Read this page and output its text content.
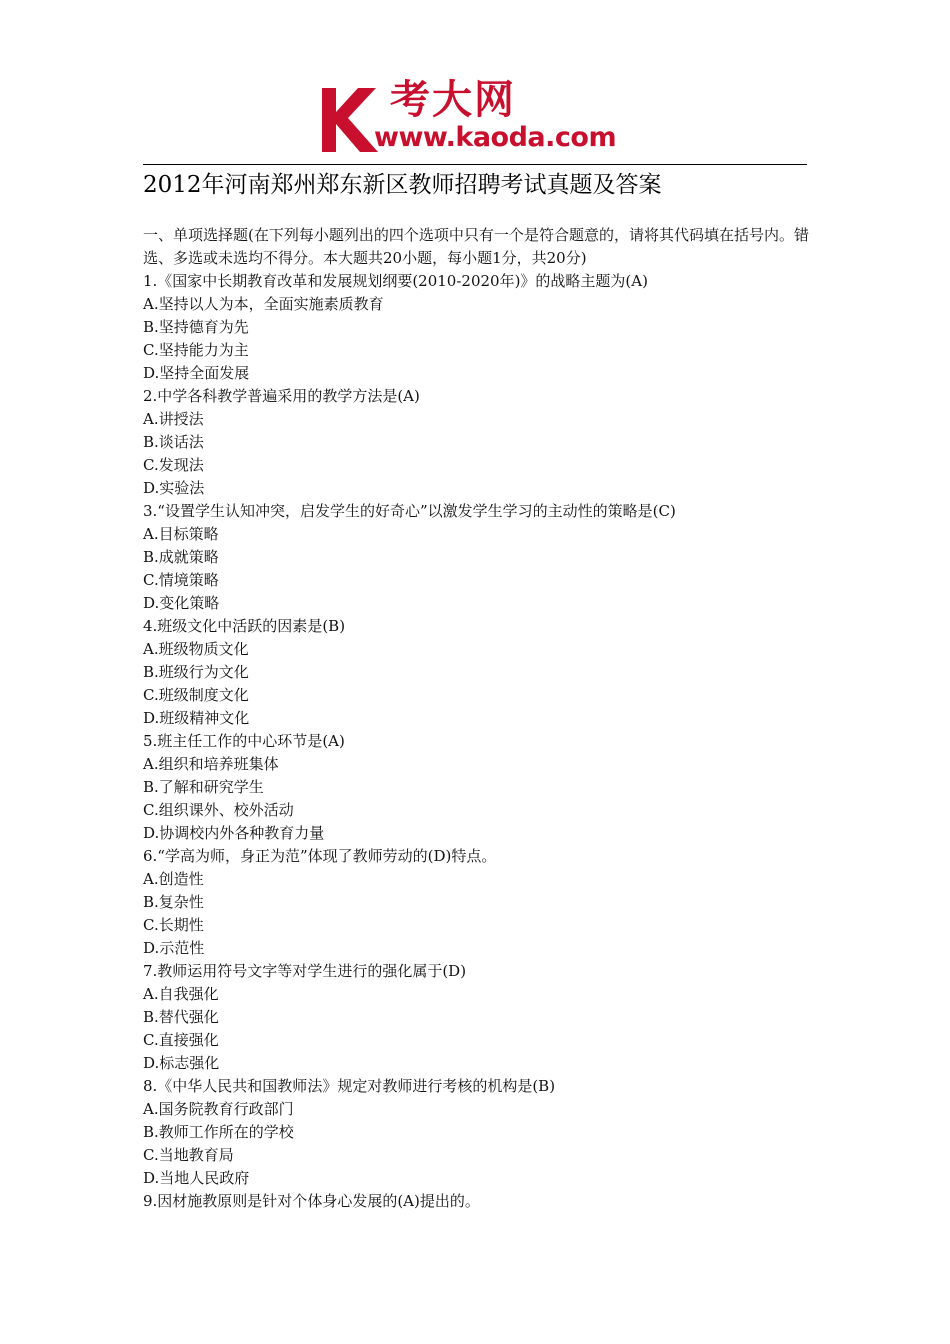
考大网
www.kaoda.com
2012年河南郑州郑东新区教师招聘考试真题及答案

一、单项选择题(在下列每小题列出的四个选项中只有一个是符合题意的，请将其代码填在括号内。错选、多选或未选均不得分。本大题共20小题，每小题1分，共20分)

1.《国家中长期教育改革和发展规划纲要(2010-2020年)》的战略主题为(A)
A.坚持以人为本，全面实施素质教育
B.坚持德育为先
C.坚持能力为主
D.坚持全面发展
2.中学各科教学普遍采用的教学方法是(A)
A.讲授法
B.谈话法
C.发现法
D.实验法
3.“设置学生认知冲突，启发学生的好奇心”以激发学生学习的主动性的策略是(C)
A.目标策略
B.成就策略
C.情境策略
D.变化策略
4.班级文化中活跃的因素是(B)
A.班级物质文化
B.班级行为文化
C.班级制度文化
D.班级精神文化
5.班主任工作的中心环节是(A)
A.组织和培养班集体
B.了解和研究学生
C.组织课外、校外活动
D.协调校内外各种教育力量
6.“学高为师，身正为范”体现了教师劳动的(D)特点。
A.创造性
B.复杂性
C.长期性
D.示范性
7.教师运用符号文字等对学生进行的强化属于(D)
A.自我强化
B.替代强化
C.直接强化
D.标志强化
8.《中华人民共和国教师法》规定对教师进行考核的机构是(B)
A.国务院教育行政部门
B.教师工作所在的学校
C.当地教育局
D.当地人民政府
9.因材施教原则是针对个体身心发展的(A)提出的。
